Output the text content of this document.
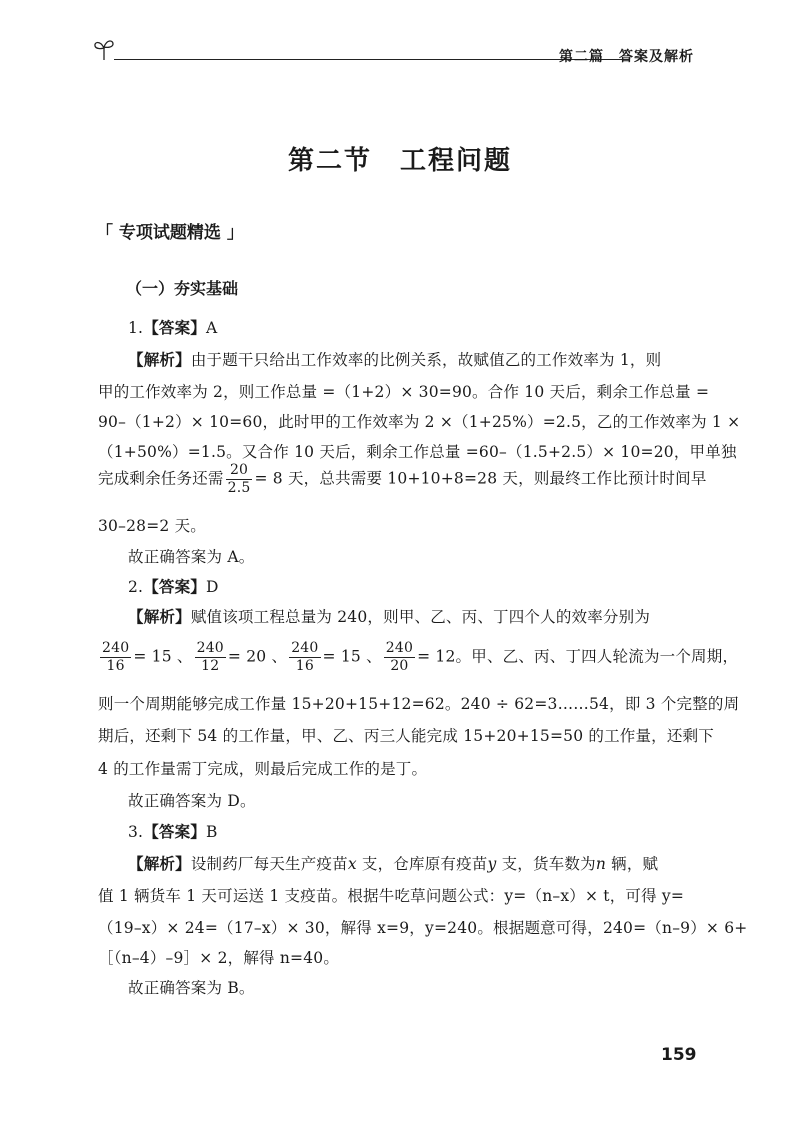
第二篇　答案及解析
第二节　工程问题
「 专项试题精选 」
（一）夯实基础
1.【答案】A
【解析】由于题干只给出工作效率的比例关系，故赋值乙的工作效率为 1，则
甲的工作效率为 2，则工作总量 =（1+2）× 30=90。合作 10 天后，剩余工作总量 =
90–（1+2）× 10=60，此时甲的工作效率为 2 ×（1+25%）=2.5，乙的工作效率为 1 ×
（1+50%）=1.5。又合作 10 天后，剩余工作总量 =60–（1.5+2.5）× 10=20，甲单独
完成剩余任务还需 $\frac{20}{2.5} = 8$ 天，总共需要 10+10+8=28 天，则最终工作比预计时间早
30–28=2 天。
故正确答案为 A。
2.【答案】D
【解析】赋值该项工程总量为 240，则甲、乙、丙、丁四个人的效率分别为
$\frac{240}{16} = 15$ 、 $\frac{240}{12} = 20$ 、 $\frac{240}{16} = 15$ 、 $\frac{240}{20} = 12$。甲、乙、丙、丁四人轮流为一个周期，
则一个周期能够完成工作量 15+20+15+12=62。240 ÷ 62=3……54，即 3 个完整的周
期后，还剩下 54 的工作量，甲、乙、丙三人能完成 15+20+15=50 的工作量，还剩下
4 的工作量需丁完成，则最后完成工作的是丁。
故正确答案为 D。
3.【答案】B
【解析】设制药厂每天生产疫苗x 支，仓库原有疫苗y 支，货车数为n 辆，赋
值 1 辆货车 1 天可运送 1 支疫苗。根据牛吃草问题公式：y=（n–x）× t，可得 y=
（19–x）× 24=（17–x）× 30，解得 x=9，y=240。根据题意可得，240=（n–9）× 6+
［（n–4）–9］× 2，解得 n=40。
故正确答案为 B。
159
